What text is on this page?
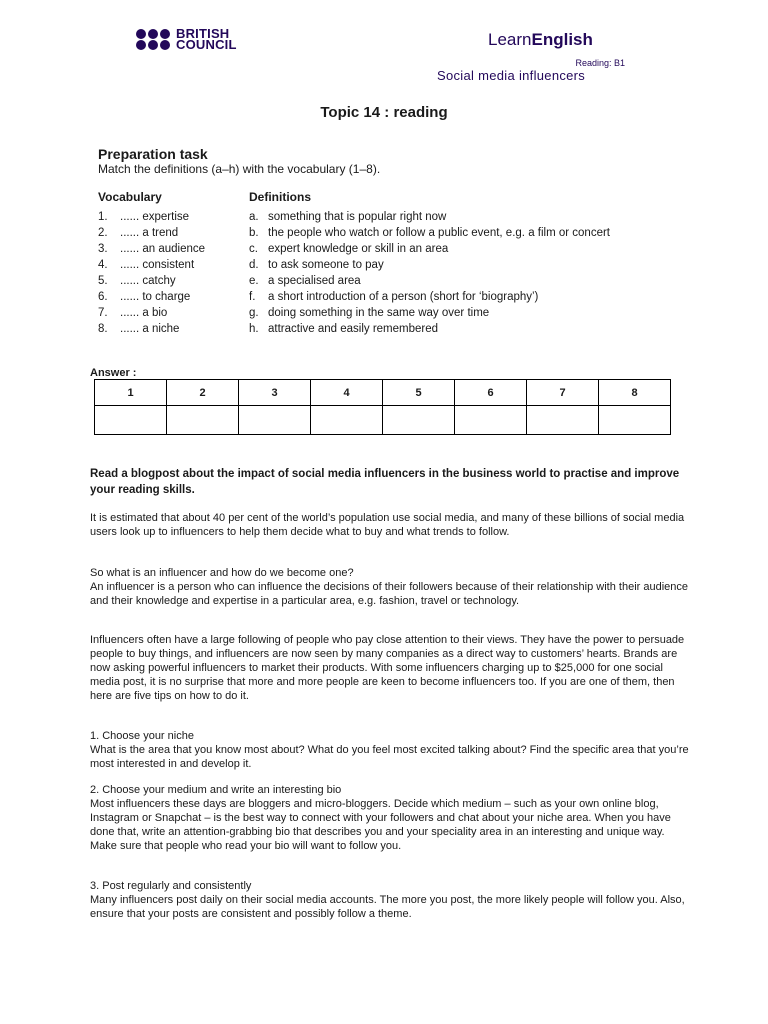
BRITISH
COUNCIL	LearnEnglish
Reading: B1
Social media influencers
Topic 14 : reading
Preparation task
Match the definitions (a–h) with the vocabulary (1–8).
Vocabulary	Definitions
1.	...... expertise
2.	...... a trend
3.	...... an audience
4.	...... consistent
5.	...... catchy
6.	...... to charge
7.	...... a bio
8.	...... a niche
a. something that is popular right now
b. the people who watch or follow a public event, e.g. a film or concert
c. expert knowledge or skill in an area
d. to ask someone to pay
e. a specialised area
f.	a short introduction of a person (short for ‘biography’)
g. doing something in the same way over time
h. attractive and easily remembered
Answer :
1	2	3	4	5	6	7	8

Read a blogpost about the impact of social media influencers in the business world to practise and improve your reading skills.

It is estimated that about 40 per cent of the world’s population use social media, and many of these billions of social media users look up to influencers to help them decide what to buy and what trends to follow.

So what is an influencer and how do we become one?
An influencer is a person who can influence the decisions of their followers because of their relationship with their audience and their knowledge and expertise in a particular area, e.g. fashion, travel or technology.

Influencers often have a large following of people who pay close attention to their views. They have the power to persuade people to buy things, and influencers are now seen by many companies as a direct way to customers’ hearts. Brands are now asking powerful influencers to market their products. With some influencers charging up to $25,000 for one social media post, it is no surprise that more and more people are keen to become influencers too. If you are one of them, then here are five tips on how to do it.

1. Choose your niche
What is the area that you know most about? What do you feel most excited talking about? Find the specific area that you’re most interested in and develop it.

2. Choose your medium and write an interesting bio
Most influencers these days are bloggers and micro-bloggers. Decide which medium – such as your own online blog, Instagram or Snapchat – is the best way to connect with your followers and chat about your niche area. When you have done that, write an attention-grabbing bio that describes you and your speciality area in an interesting and unique way. Make sure that people who read your bio will want to follow you.

3. Post regularly and consistently
Many influencers post daily on their social media accounts. The more you post, the more likely people will follow you. Also, ensure that your posts are consistent and possibly follow a theme.
